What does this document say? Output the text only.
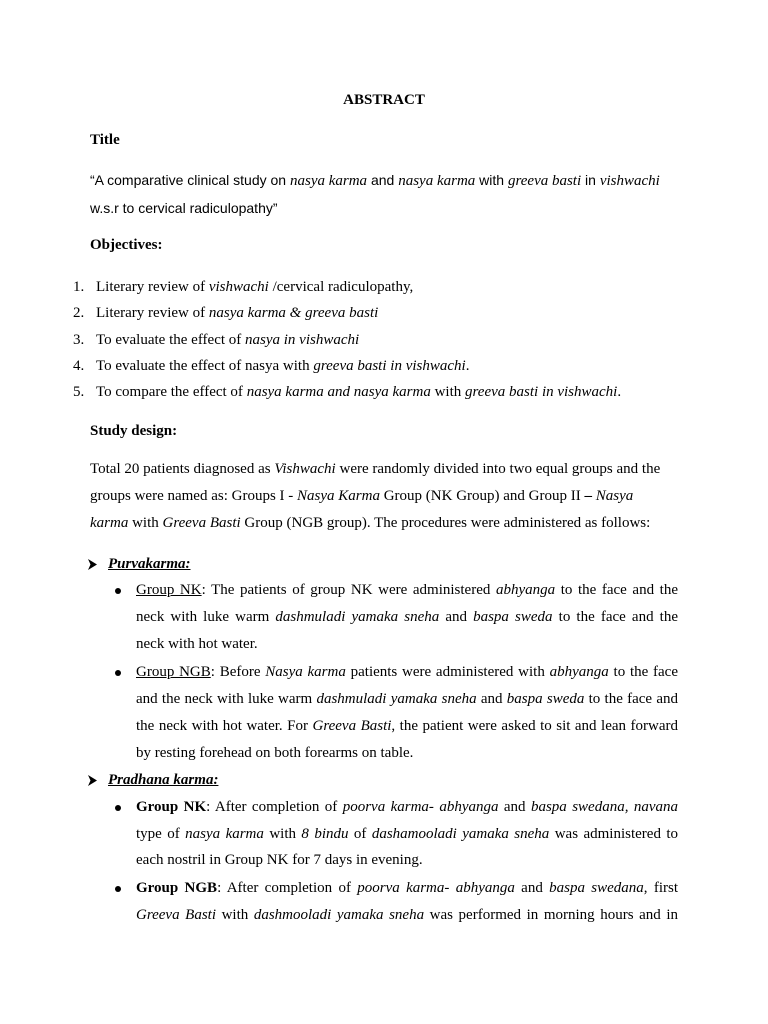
ABSTRACT
Title
“A comparative clinical study on nasya karma and nasya karma with greeva basti in vishwachi
w.s.r to cervical radiculopathy”
Objectives:
1. Literary review of vishwachi /cervical radiculopathy,
2. Literary review of nasya karma & greeva basti
3. To evaluate the effect of nasya in vishwachi
4. To evaluate the effect of nasya with greeva basti in vishwachi.
5. To compare the effect of nasya karma and nasya karma with greeva basti in vishwachi.
Study design:
Total 20 patients diagnosed as Vishwachi were randomly divided into two equal groups and the
groups were named as: Groups I - Nasya Karma Group (NK Group) and Group II – Nasya
karma with Greeva Basti Group (NGB group). The procedures were administered as follows:
Purvakarma:
Group NK: The patients of group NK were administered abhyanga to the face and the
neck with luke warm dashmuladi yamaka sneha and baspa sweda to the face and the
neck with hot water.
Group NGB: Before Nasya karma patients were administered with abhyanga to the face
and the neck with luke warm dashmuladi yamaka sneha and baspa sweda to the face and
the neck with hot water. For Greeva Basti, the patient were asked to sit and lean forward
by resting forehead on both forearms on table.
Pradhana karma:
Group NK: After completion of poorva karma- abhyanga and baspa swedana, navana
type of nasya karma with 8 bindu of dashamooladi yamaka sneha was administered to
each nostril in Group NK for 7 days in evening.
Group NGB: After completion of poorva karma- abhyanga and baspa swedana, first
Greeva Basti with dashmooladi yamaka sneha was performed in morning hours and in
